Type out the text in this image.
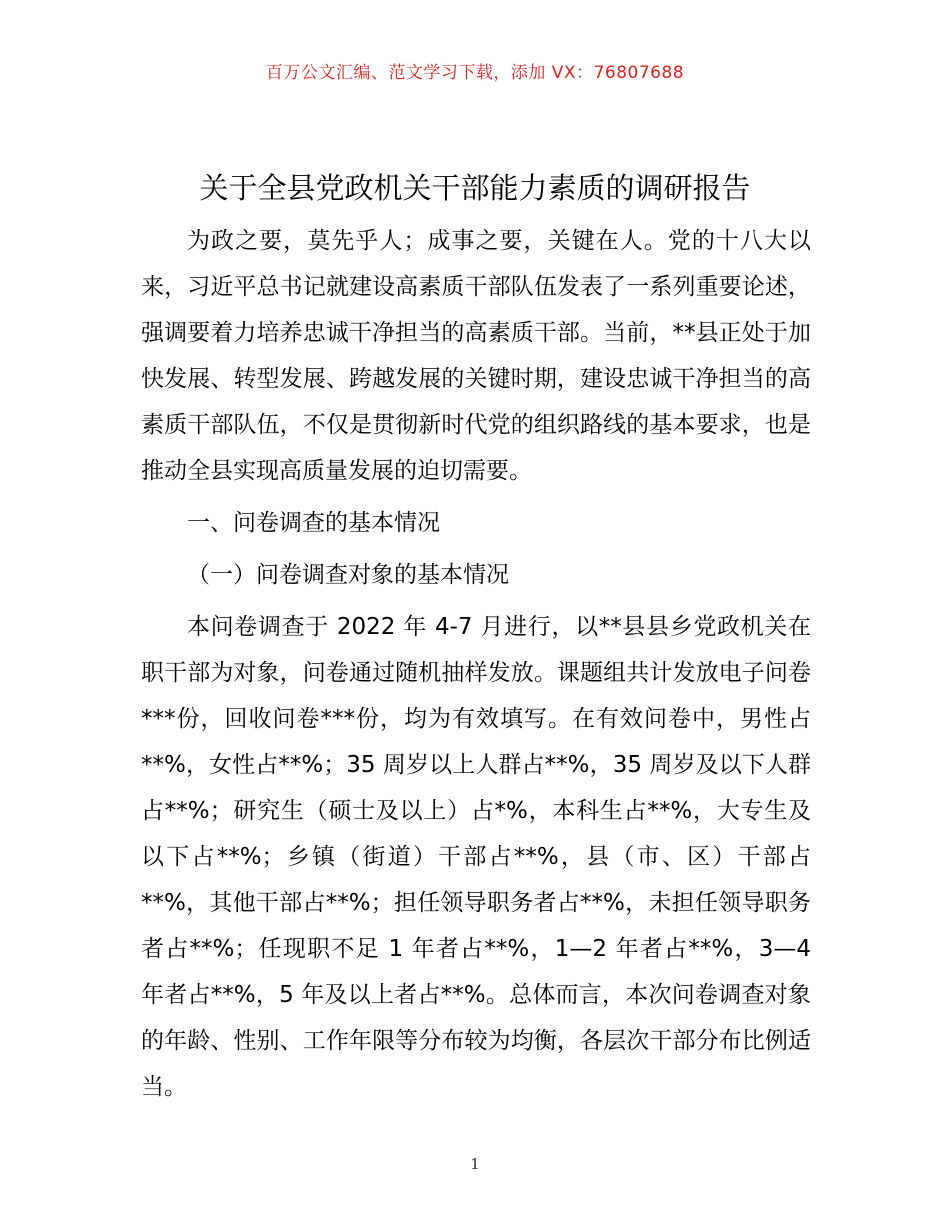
百万公文汇编、范文学习下载，添加 VX：76807688
关于全县党政机关干部能力素质的调研报告

为政之要，莫先乎人；成事之要，关键在人。党的十八大以来，习近平总书记就建设高素质干部队伍发表了一系列重要论述，强调要着力培养忠诚干净担当的高素质干部。当前，**县正处于加快发展、转型发展、跨越发展的关键时期，建设忠诚干净担当的高素质干部队伍，不仅是贯彻新时代党的组织路线的基本要求，也是推动全县实现高质量发展的迫切需要。

一、问卷调查的基本情况

（一）问卷调查对象的基本情况

本问卷调查于 2022 年 4-7 月进行，以**县县乡党政机关在职干部为对象，问卷通过随机抽样发放。课题组共计发放电子问卷***份，回收问卷***份，均为有效填写。在有效问卷中，男性占**%，女性占**%；35 周岁以上人群占**%，35 周岁及以下人群占**%；研究生（硕士及以上）占*%，本科生占**%，大专生及以下占**%；乡镇（街道）干部占**%，县（市、区）干部占**%，其他干部占**%；担任领导职务者占**%，未担任领导职务者占**%；任现职不足 1 年者占**%，1—2 年者占**%，3—4 年者占**%，5 年及以上者占**%。总体而言，本次问卷调查对象的年龄、性别、工作年限等分布较为均衡，各层次干部分布比例适当。

1
